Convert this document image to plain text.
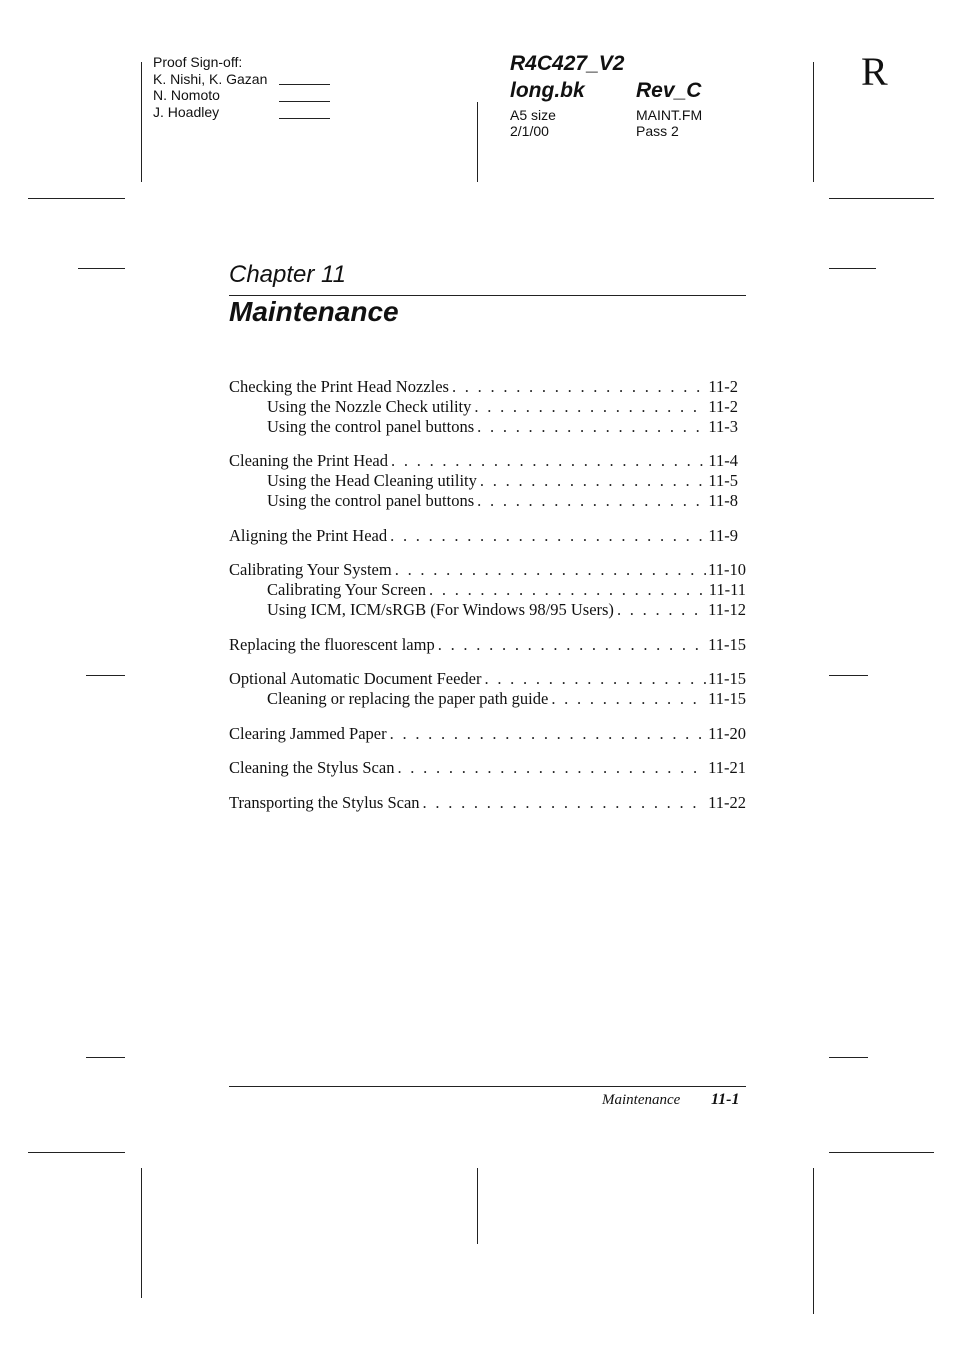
Proof Sign-off:
K. Nishi, K. Gazan
N. Nomoto
J. Hoadley
R4C427_V2
long.bk Rev_C
A5 size
2/1/00
MAINT.FM
Pass 2
R
Chapter 11
Maintenance
Checking the Print Head Nozzles . . .	11-2
Using the Nozzle Check utility . . .	11-2
Using the control panel buttons . . .	11-3
Cleaning the Print Head . . .	11-4
Using the Head Cleaning utility . . .	11-5
Using the control panel buttons . . .	11-8
Aligning the Print Head . . .	11-9
Calibrating Your System . . .	11-10
Calibrating Your Screen . . .	11-11
Using ICM, ICM/sRGB (For Windows 98/95 Users) . . .	11-12
Replacing the fluorescent lamp . . .	11-15
Optional Automatic Document Feeder . . .	11-15
Cleaning or replacing the paper path guide . . .	11-15
Clearing Jammed Paper . . .	11-20
Cleaning the Stylus Scan . . .	11-21
Transporting the Stylus Scan . . .	11-22
Maintenance 11-1
